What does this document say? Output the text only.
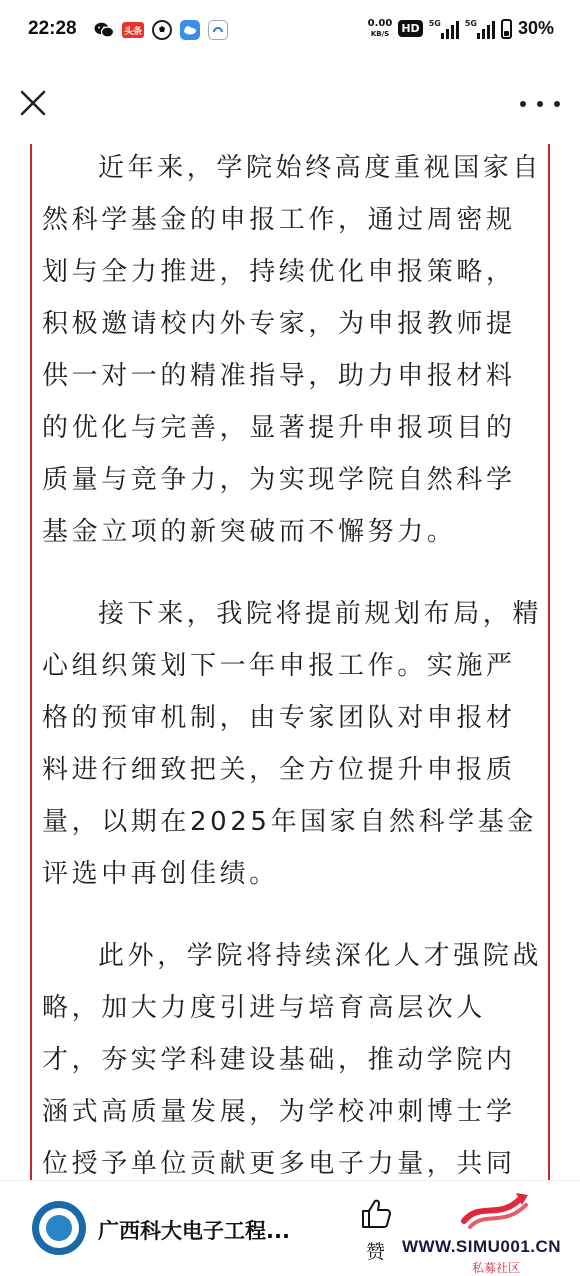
22:28	头条
0.00
KB/S HD	5G	5G 30%

近年来，学院始终高度重视国家自然科学基金的申报工作，通过周密规划与全力推进，持续优化申报策略，积极邀请校内外专家，为申报教师提供一对一的精准指导，助力申报材料的优化与完善，显著提升申报项目的质量与竞争力，为实现学院自然科学基金立项的新突破而不懈努力。

接下来，我院将提前规划布局，精心组织策划下一年申报工作。实施严格的预审机制，由专家团队对申报材料进行细致把关，全方位提升申报质量，以期在2025年国家自然科学基金评选中再创佳绩。

此外，学院将持续深化人才强院战略，加大力度引进与培育高层次人才，夯实学科建设基础，推动学院内涵式高质量发展，为学校冲刺博士学位授予单位贡献更多电子力量，共同

广西科大电子工程...
赞 WWW.SIMU001.CN
私募社区
